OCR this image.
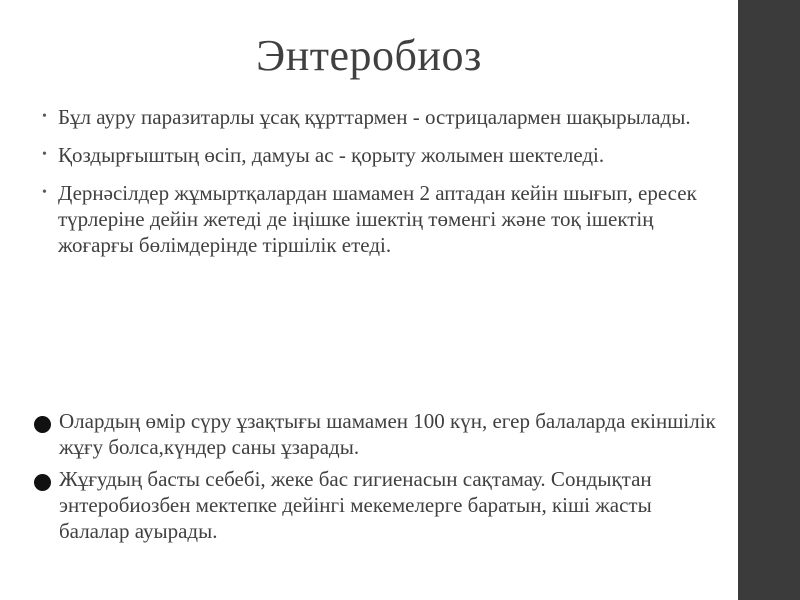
Энтеробиоз
• Бұл ауру паразитарлы ұсақ құрттармен - острицалармен шақырылады.
• Қоздырғыштың өсіп, дамуы ас - қорыту жолымен шектеледі.
• Дернәсілдер жұмыртқалардан шамамен 2 аптадан кейін шығып, ересек түрлеріне дейін жетеді де іңішке ішектің төменгі және тоқ ішектің жоғарғы бөлімдерінде тіршілік етеді.
Олардың өмір сүру ұзақтығы шамамен 100 күн, егер балаларда екіншілік жұғу болса,күндер саны ұзарады.
Жұғудың басты себебі, жеке бас гигиенасын сақтамау. Сондықтан энтеробиозбен мектепке дейінгі мекемелерге баратын, кіші жасты балалар ауырады.
